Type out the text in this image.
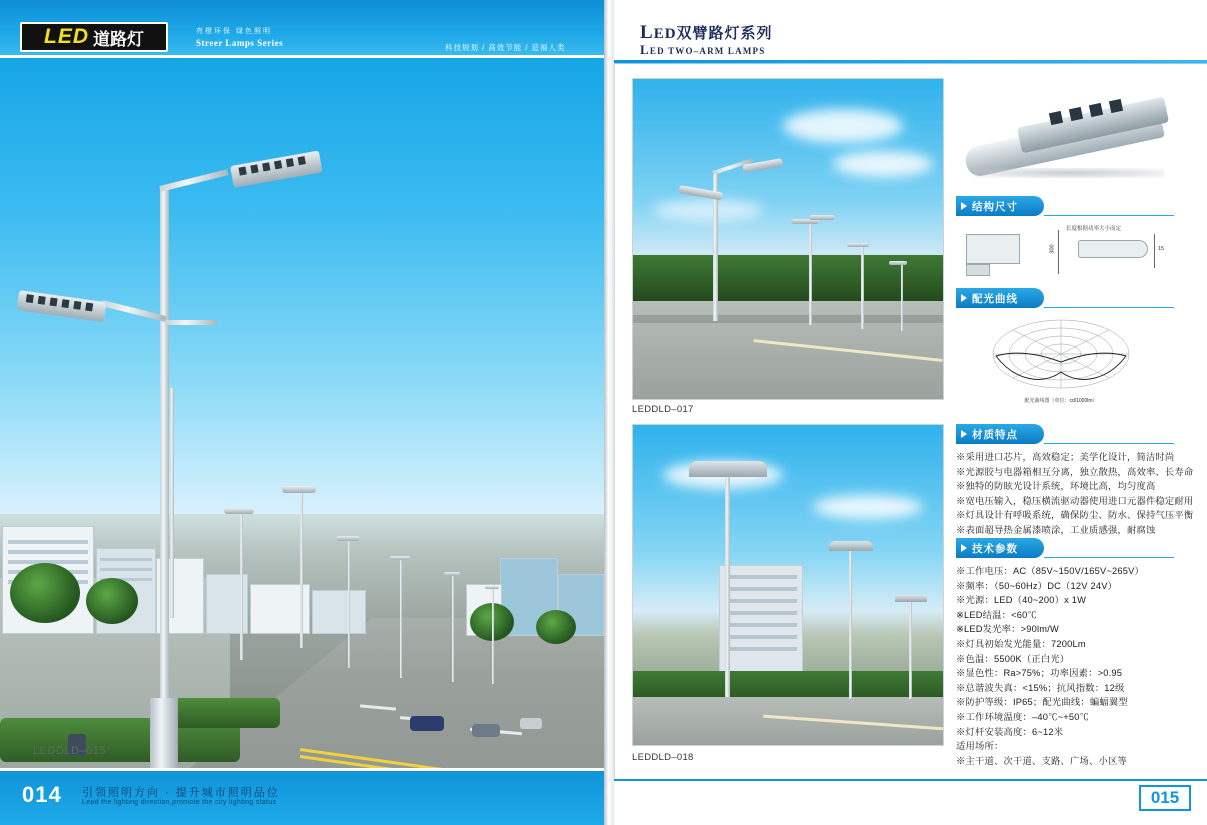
LED 道路灯	亮橙环保 绿色照明
Streer Lamps Series	科技规划 / 高效节能 / 造福人类
LEDDLD–015
014 引领照明方向 · 提升城市照明品位
Lead the lighting direction,promote the city lighting status
LED双臂路灯系列
LED TWO–ARM LAMPS
LEDDLD–017
LEDDLD–018
结构尺寸
长度根据功率大小而定
300	15
配光曲线
配光曲线图（单位：cd/1000lm）
材质特点
※采用进口芯片，高效稳定；美学化设计，简洁时尚
※光源胶与电器箱相互分离，独立散热，高效率、长寿命
※独特的防眩光设计系统，环境比高，均匀度高
※宽电压输入，稳压横流驱动器使用进口元器件稳定耐用
※灯具设计有呼吸系统，确保防尘、防水、保持气压平衡
※表面超导热金属漆喷涂，工业质感强，耐腐蚀
技术参数
※工作电压：AC（85V~150V/165V~265V）
※频率：（50~60Hz）DC（12V 24V）
※光源：LED（40~200）x 1W
※LED结温：<60℃
※LED发光率：>90lm/W
※灯具初始发光能量：7200Lm
※色温：5500K（正白光）
※显色性：Ra>75%；功率因素：>0.95
※总谐波失真：<15%；抗风指数：12级
※防护等级：IP65；配光曲线：蝙蝠翼型
※工作环境温度：–40℃~+50℃
※灯杆安装高度：6~12米
适用场所：
※主干道、次干道、支路、广场、小区等
015
